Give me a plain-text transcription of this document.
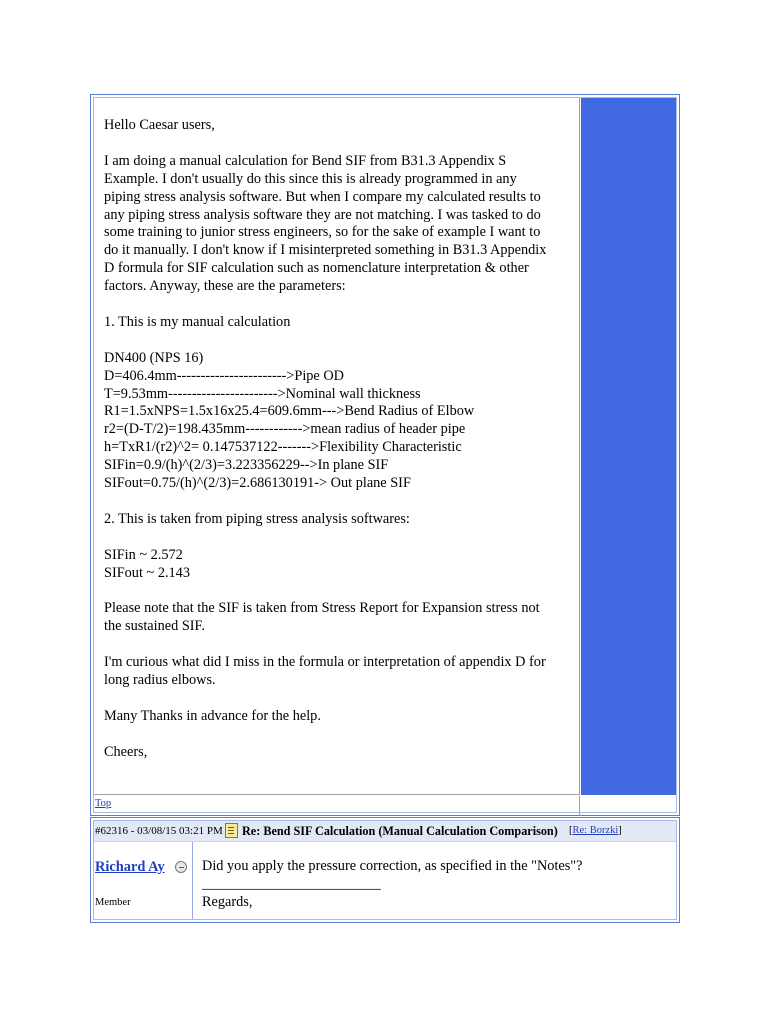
Hello Caesar users,

I am doing a manual calculation for Bend SIF from B31.3 Appendix S
Example. I don't usually do this since this is already programmed in any
piping stress analysis software. But when I compare my calculated results to
any piping stress analysis software they are not matching. I was tasked to do
some training to junior stress engineers, so for the sake of example I want to
do it manually. I don't know if I misinterpreted something in B31.3 Appendix
D formula for SIF calculation such as nomenclature interpretation & other
factors. Anyway, these are the parameters:

1. This is my manual calculation

DN400 (NPS 16)
D=406.4mm----------------------->Pipe OD
T=9.53mm----------------------->Nominal wall thickness
R1=1.5xNPS=1.5x16x25.4=609.6mm--->Bend Radius of Elbow
r2=(D-T/2)=198.435mm------------>mean radius of header pipe
h=TxR1/(r2)^2= 0.147537122------->Flexibility Characteristic
SIFin=0.9/(h)^(2/3)=3.223356229-->In plane SIF
SIFout=0.75/(h)^(2/3)=2.686130191-> Out plane SIF

2. This is taken from piping stress analysis softwares:

SIFin ~ 2.572
SIFout ~ 2.143

Please note that the SIF is taken from Stress Report for Expansion stress not
the sustained SIF.

I'm curious what did I miss in the formula or interpretation of appendix D for
long radius elbows.

Many Thanks in advance for the help.

Cheers,

Top
#62316 - 03/08/15 03:21 PM Re: Bend SIF Calculation (Manual Calculation Comparison) [Re: Borzki]
Richard Ay
Member
Did you apply the pressure correction, as specified in the "Notes"?
_________________________
Regards,
